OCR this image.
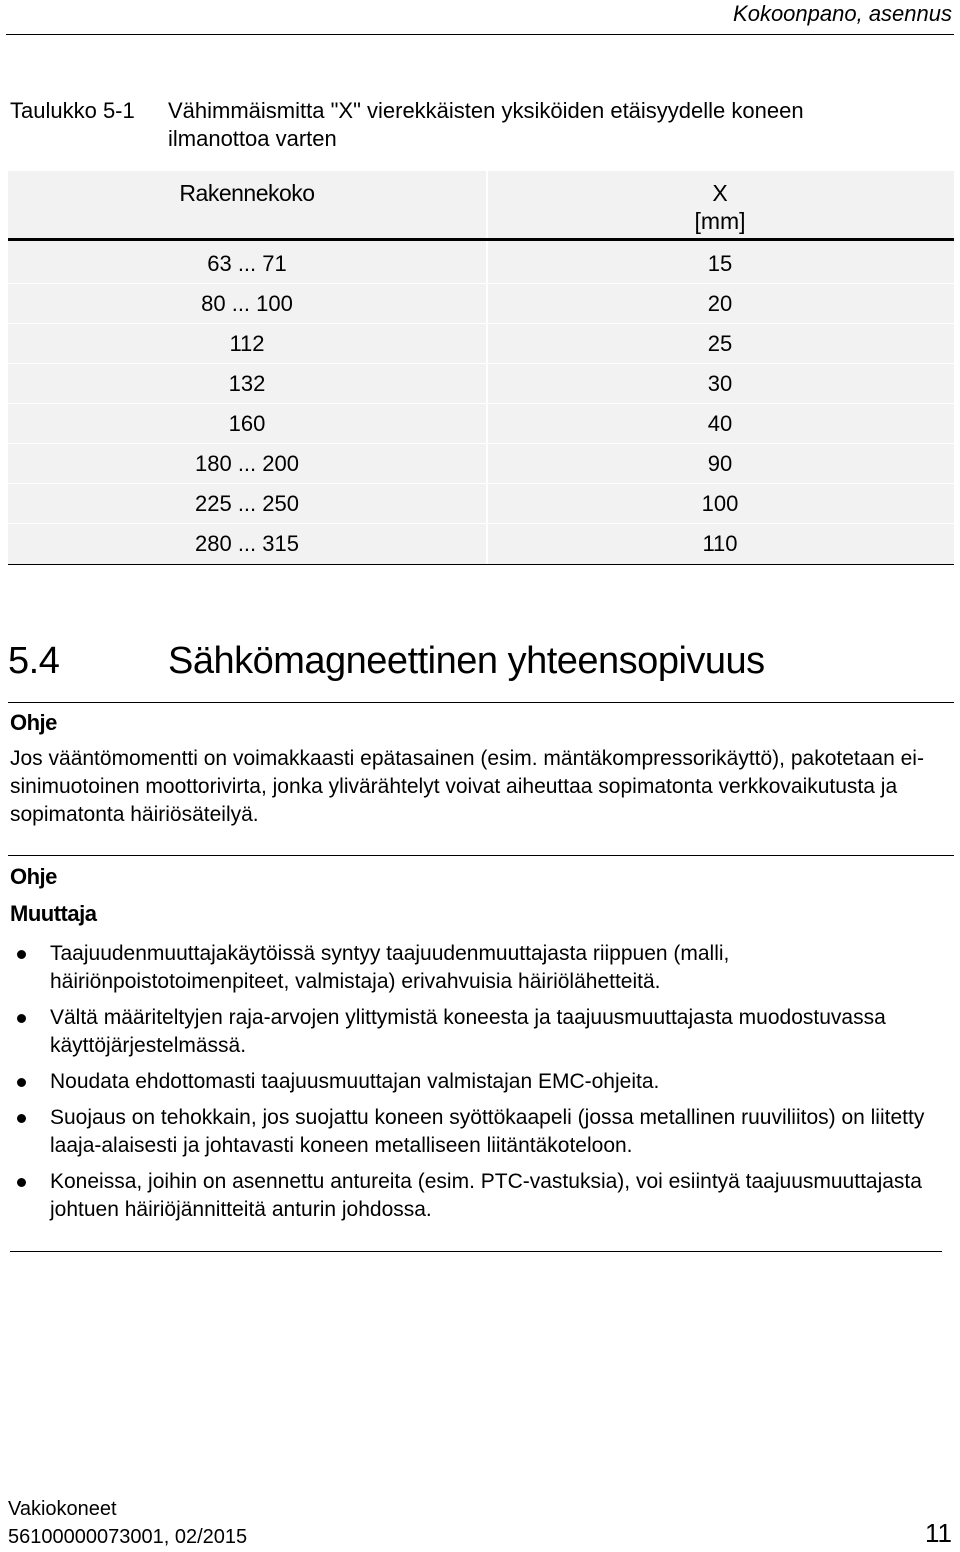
Kokoonpano, asennus
Taulukko 5-1 Vähimmäismitta "X" vierekkäisten yksiköiden etäisyydelle koneen ilmanottoa varten
Rakennekoko	X
[mm]
63 ... 71	15
80 ... 100	20
112	25
132	30
160	40
180 ... 200	90
225 ... 250	100
280 ... 315	110
5.4	Sähkömagneettinen yhteensopivuus
Ohje
Jos vääntömomentti on voimakkaasti epätasainen (esim. mäntäkompressorikäyttö), pakotetaan ei-sinimuotoinen moottorivirta, jonka ylivärähtelyt voivat aiheuttaa sopimatonta verkkovaikutusta ja sopimatonta häiriösäteilyä.
Ohje
Muuttaja
Taajuudenmuuttajakäytöissä syntyy taajuudenmuuttajasta riippuen (malli, häiriönpoistotoimenpiteet, valmistaja) erivahvuisia häiriölähetteitä.
Vältä määriteltyjen raja-arvojen ylittymistä koneesta ja taajuusmuuttajasta muodostuvassa käyttöjärjestelmässä.
Noudata ehdottomasti taajuusmuuttajan valmistajan EMC-ohjeita.
Suojaus on tehokkain, jos suojattu koneen syöttökaapeli (jossa metallinen ruuviliitos) on liitetty laaja-alaisesti ja johtavasti koneen metalliseen liitäntäkoteloon.
Koneissa, joihin on asennettu antureita (esim. PTC-vastuksia), voi esiintyä taajuusmuuttajasta johtuen häiriöjännitteitä anturin johdossa.
Vakiokoneet
56100000073001, 02/2015	11
